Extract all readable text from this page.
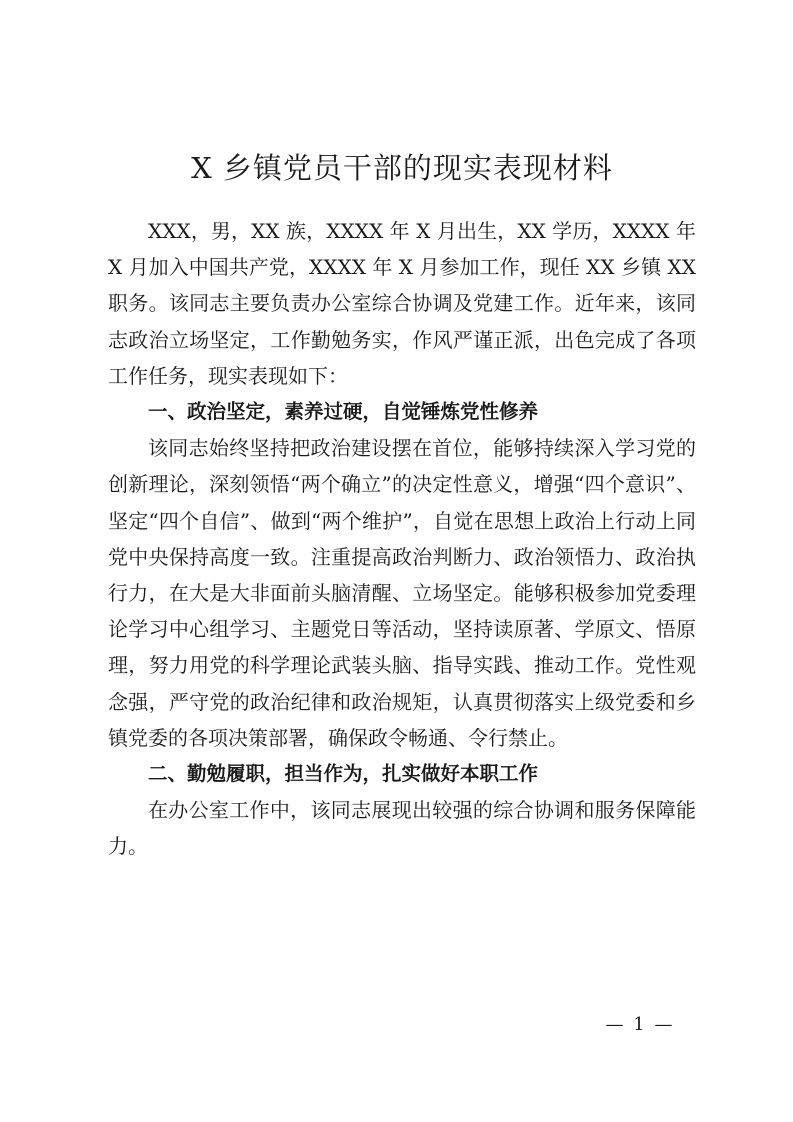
X 乡镇党员干部的现实表现材料

XXX，男，XX 族，XXXX 年 X 月出生，XX 学历，XXXX 年 X 月加入中国共产党，XXXX 年 X 月参加工作，现任 XX 乡镇 XX 职务。该同志主要负责办公室综合协调及党建工作。近年来，该同志政治立场坚定，工作勤勉务实，作风严谨正派，出色完成了各项工作任务，现实表现如下：

一、政治坚定，素养过硬，自觉锤炼党性修养

该同志始终坚持把政治建设摆在首位，能够持续深入学习党的创新理论，深刻领悟“两个确立”的决定性意义，增强“四个意识”、坚定“四个自信”、做到“两个维护”，自觉在思想上政治上行动上同党中央保持高度一致。注重提高政治判断力、政治领悟力、政治执行力，在大是大非面前头脑清醒、立场坚定。能够积极参加党委理论学习中心组学习、主题党日等活动，坚持读原著、学原文、悟原理，努力用党的科学理论武装头脑、指导实践、推动工作。党性观念强，严守党的政治纪律和政治规矩，认真贯彻落实上级党委和乡镇党委的各项决策部署，确保政令畅通、令行禁止。

二、勤勉履职，担当作为，扎实做好本职工作

在办公室工作中，该同志展现出较强的综合协调和服务保障能力。

— 1 —
